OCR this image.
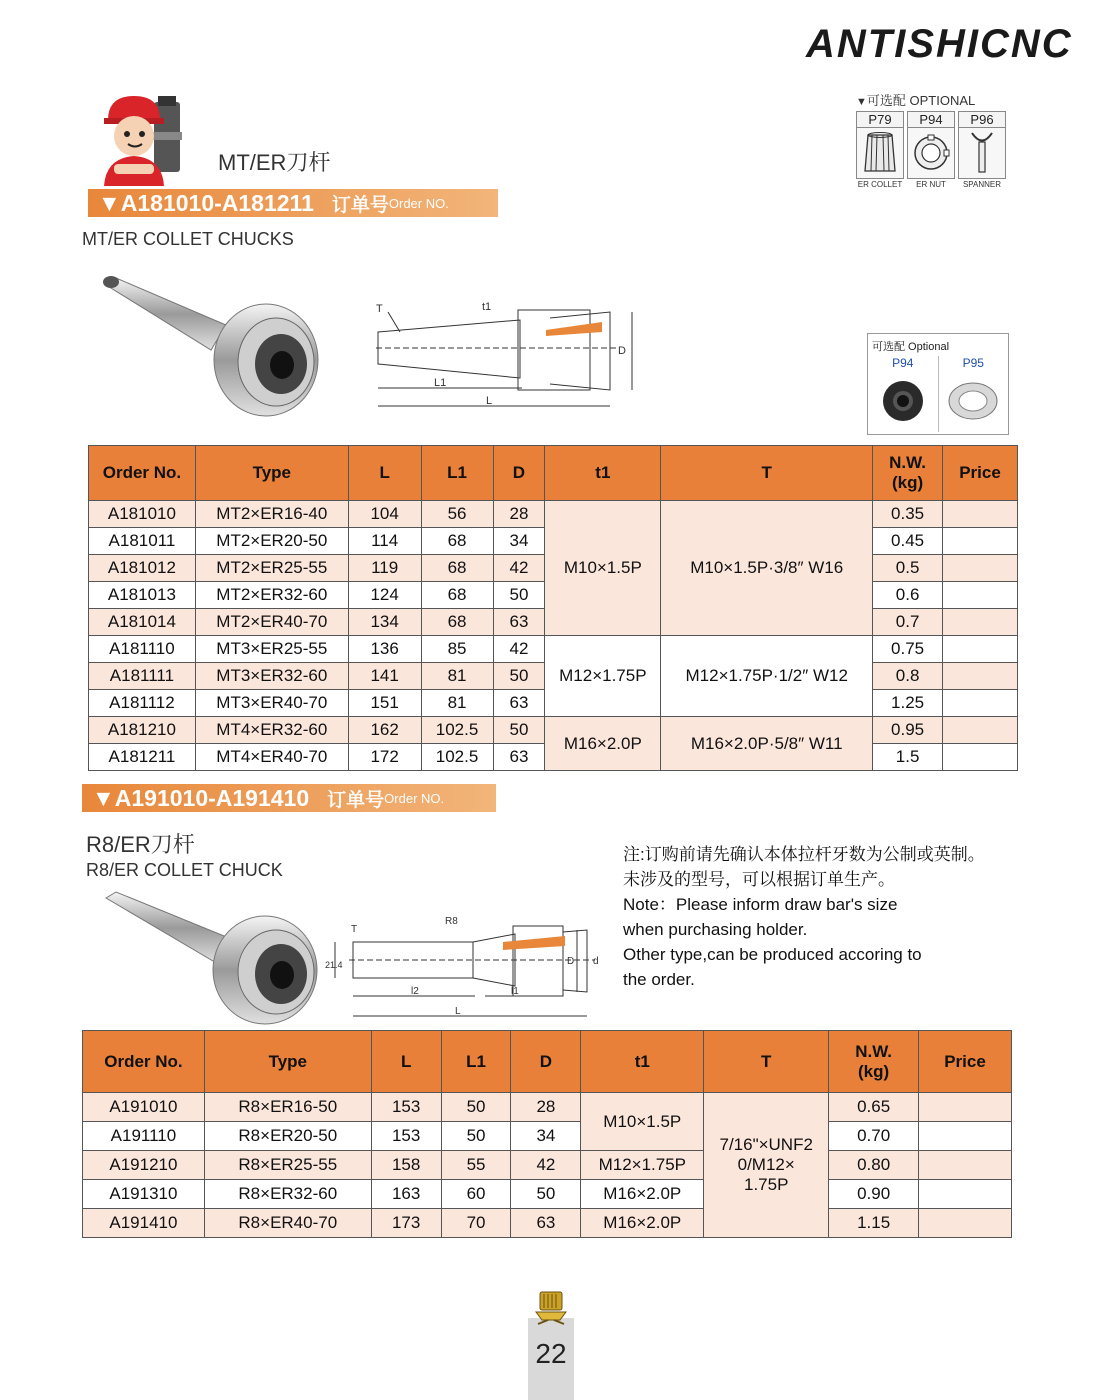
ANTISHICNC
▼可选配 OPTIONAL
P79
ER COLLET
P94
ER NUT
P96
SPANNER
MT/ER刀杆
▼A181010-A181211 订单号 Order NO.
MT/ER COLLET CHUCKS
T	t1
L1
L
D	可选配 Optional
P94	P95
Order No.	Type	L	L1	D	t1	T	N.W.
(kg)	Price
A181010	MT2×ER16-40	104	56	28	M10×1.5P	M10×1.5P·3/8″ W16	0.35	
A181011	MT2×ER20-50	114	68	34			0.45	
A181012	MT2×ER25-55	119	68	42			0.5	
A181013	MT2×ER32-60	124	68	50			0.6	
A181014	MT2×ER40-70	134	68	63			0.7	
A181110	MT3×ER25-55	136	85	42	M12×1.75P	M12×1.75P·1/2″ W12	0.75	
A181111	MT3×ER32-60	141	81	50			0.8	
A181112	MT3×ER40-70	151	81	63			1.25	
A181210	MT4×ER32-60	162	102.5	50	M16×2.0P	M16×2.0P·5/8″ W11	0.95	
A181211	MT4×ER40-70	172	102.5	63			1.5	
▼A191010-A191410 订单号 Order NO.
R8/ER刀杆
R8/ER COLLET CHUCK
R8
T
21.4
l2	l1
L
D d
注:订购前请先确认本体拉杆牙数为公制或英制。
未涉及的型号，可以根据订单生产。
Note：Please inform draw bar's size
when purchasing holder.
Other type,can be produced accoring to
the order.
Order No.	Type	L	L1	D	t1	T	N.W.
(kg)	Price
A191010	R8×ER16-50	153	50	28	M10×1.5P	7/16"×UNF2
0/M12×
1.75P	0.65	
A191110	R8×ER20-50	153	50	34			0.70	
A191210	R8×ER25-55	158	55	42	M12×1.75P		0.80	
A191310	R8×ER32-60	163	60	50	M16×2.0P		0.90	
A191410	R8×ER40-70	173	70	63	M16×2.0P		1.15	
22
